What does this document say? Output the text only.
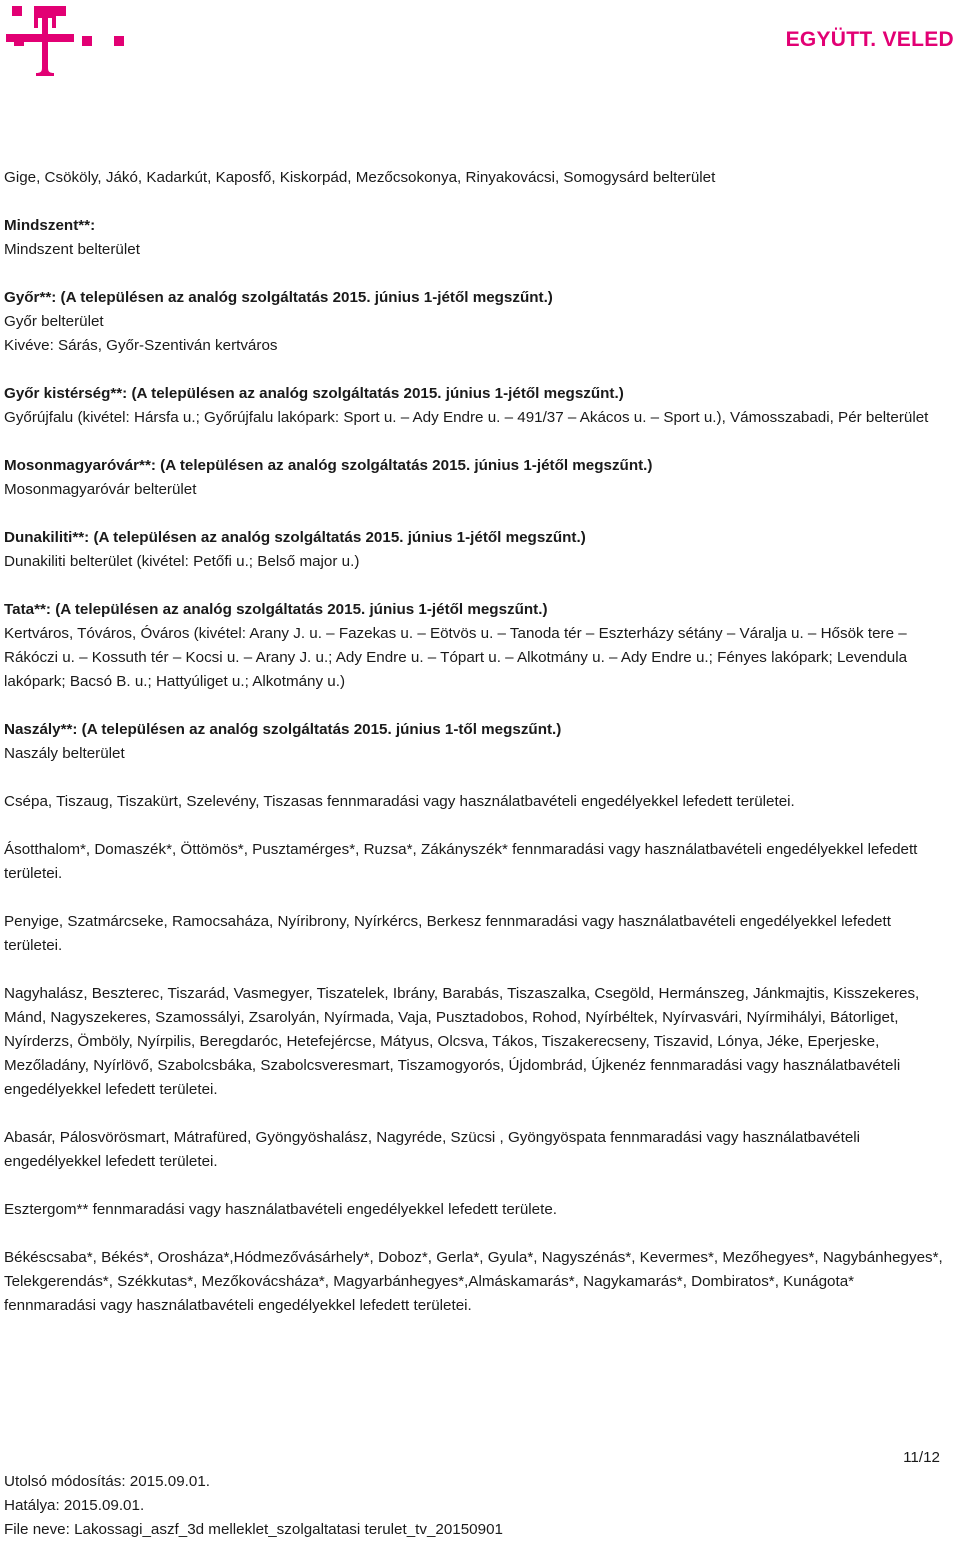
EGYÜTT. VELED

Gige, Csököly, Jákó, Kadarkút, Kaposfő, Kiskorpád, Mezőcsokonya, Rinyakovácsi, Somogysárd belterület

Mindszent**:

Mindszent belterület

Győr**: (A településen az analóg szolgáltatás 2015. június 1-jétől megszűnt.)

Győr belterület

Kivéve: Sárás, Győr-Szentiván kertváros

Győr kistérség**: (A településen az analóg szolgáltatás 2015. június 1-jétől megszűnt.)

Győrújfalu (kivétel: Hársfa u.; Győrújfalu lakópark: Sport u. – Ady Endre u. – 491/37 – Akácos u. – Sport u.), Vámosszabadi, Pér belterület

Mosonmagyaróvár**: (A településen az analóg szolgáltatás 2015. június 1-jétől megszűnt.)

Mosonmagyaróvár belterület

Dunakiliti**: (A településen az analóg szolgáltatás 2015. június 1-jétől megszűnt.)

Dunakiliti belterület (kivétel: Petőfi u.; Belső major u.)

Tata**: (A településen az analóg szolgáltatás 2015. június 1-jétől megszűnt.)

Kertváros, Tóváros, Óváros (kivétel: Arany J. u. – Fazekas u. – Eötvös u. – Tanoda tér – Eszterházy sétány – Váralja u. – Hősök tere – Rákóczi u. – Kossuth tér – Kocsi u. – Arany J. u.; Ady Endre u. – Tópart u. – Alkotmány u. – Ady Endre u.; Fényes lakópark; Levendula lakópark; Bacsó B. u.; Hattyúliget u.; Alkotmány u.)

Naszály**: (A településen az analóg szolgáltatás 2015. június 1-től megszűnt.)

Naszály belterület

Csépa, Tiszaug, Tiszakürt, Szelevény, Tiszasas fennmaradási vagy használatbavételi engedélyekkel lefedett területei.

Ásotthalom*, Domaszék*, Öttömös*, Pusztamérges*, Ruzsa*, Zákányszék* fennmaradási vagy használatbavételi engedélyekkel lefedett területei.

Penyige, Szatmárcseke, Ramocsaháza, Nyíribrony, Nyírkércs, Berkesz fennmaradási vagy használatbavételi engedélyekkel lefedett területei.

Nagyhalász, Beszterec, Tiszarád, Vasmegyer, Tiszatelek, Ibrány, Barabás, Tiszaszalka, Csegöld, Hermánszeg, Jánkmajtis, Kisszekeres, Mánd, Nagyszekeres, Szamossályi, Zsarolyán, Nyírmada, Vaja, Pusztadobos, Rohod, Nyírbéltek, Nyírvasvári, Nyírmihályi, Bátorliget, Nyírderzs, Ömböly, Nyírpilis, Beregdaróc, Hetefejércse, Mátyus, Olcsva, Tákos, Tiszakerecseny, Tiszavid, Lónya, Jéke, Eperjeske, Mezőladány, Nyírlövő, Szabolcsbáka, Szabolcsveresmart, Tiszamogyorós, Újdombrád, Újkenéz fennmaradási vagy használatbavételi engedélyekkel lefedett területei.

Abasár, Pálosvörösmart, Mátrafüred, Gyöngyöshalász, Nagyréde, Szücsi , Gyöngyöspata fennmaradási vagy használatbavételi engedélyekkel lefedett területei.

Esztergom** fennmaradási vagy használatbavételi engedélyekkel lefedett területe.

Békéscsaba*, Békés*, Orosháza*,Hódmezővásárhely*, Doboz*, Gerla*, Gyula*, Nagyszénás*, Kevermes*, Mezőhegyes*, Nagybánhegyes*, Telekgerendás*, Székkutas*, Mezőkovácsháza*, Magyarbánhegyes*,Almáskamarás*, Nagykamarás*, Dombiratos*, Kunágota* fennmaradási vagy használatbavételi engedélyekkel lefedett területei.

11/12

Utolsó módosítás: 2015.09.01.

Hatálya: 2015.09.01.

File neve: Lakossagi_aszf_3d melleklet_szolgaltatasi terulet_tv_20150901
